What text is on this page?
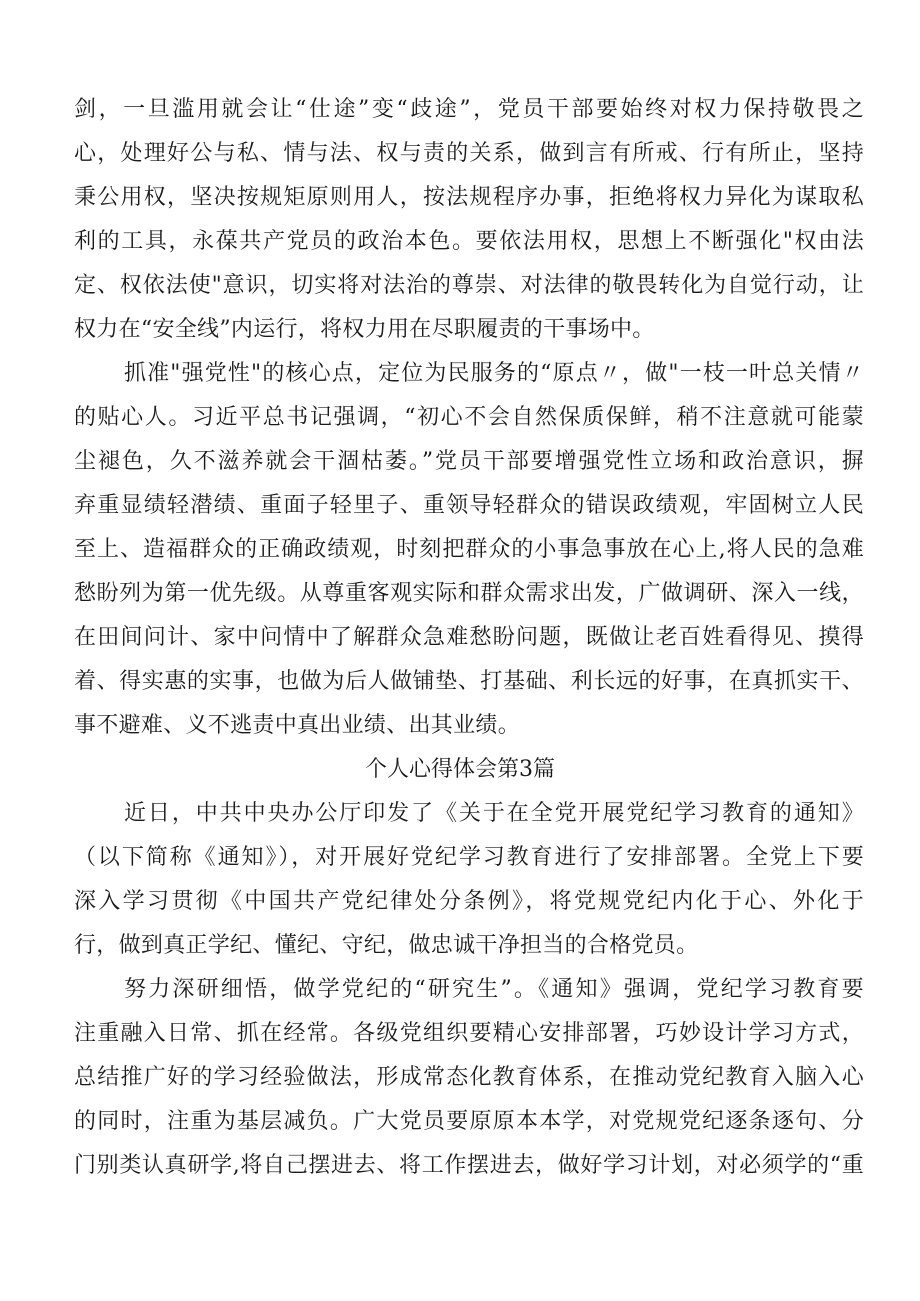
剑，一旦滥用就会让“仕途”变“歧途”，党员干部要始终对权力保持敬畏之
心，处理好公与私、情与法、权与责的关系，做到言有所戒、行有所止，坚持
秉公用权，坚决按规矩原则用人，按法规程序办事，拒绝将权力异化为谋取私
利的工具，永葆共产党员的政治本色。要依法用权，思想上不断强化"权由法
定、权依法使"意识，切实将对法治的尊崇、对法律的敬畏转化为自觉行动，让
权力在“安全线”内运行，将权力用在尽职履责的干事场中。
抓准"强党性"的核心点，定位为民服务的“原点〃，做"一枝一叶总关情〃
的贴心人。习近平总书记强调，“初心不会自然保质保鲜，稍不注意就可能蒙
尘褪色，久不滋养就会干涸枯萎。”党员干部要增强党性立场和政治意识，摒
弃重显绩轻潜绩、重面子轻里子、重领导轻群众的错误政绩观，牢固树立人民
至上、造福群众的正确政绩观，时刻把群众的小事急事放在心上,将人民的急难
愁盼列为第一优先级。从尊重客观实际和群众需求出发，广做调研、深入一线，
在田间问计、家中问情中了解群众急难愁盼问题，既做让老百姓看得见、摸得
着、得实惠的实事，也做为后人做铺垫、打基础、利长远的好事，在真抓实干、
事不避难、义不逃责中真出业绩、出其业绩。
个人心得体会第3篇
近日，中共中央办公厅印发了《关于在全党开展党纪学习教育的通知》
（以下简称《通知》），对开展好党纪学习教育进行了安排部署。全党上下要
深入学习贯彻《中国共产党纪律处分条例》，将党规党纪内化于心、外化于
行，做到真正学纪、懂纪、守纪，做忠诚干净担当的合格党员。
努力深研细悟，做学党纪的“研究生”。《通知》强调，党纪学习教育要
注重融入日常、抓在经常。各级党组织要精心安排部署，巧妙设计学习方式，
总结推广好的学习经验做法，形成常态化教育体系，在推动党纪教育入脑入心
的同时，注重为基层减负。广大党员要原原本本学，对党规党纪逐条逐句、分
门别类认真研学,将自己摆进去、将工作摆进去，做好学习计划，对必须学的“重
